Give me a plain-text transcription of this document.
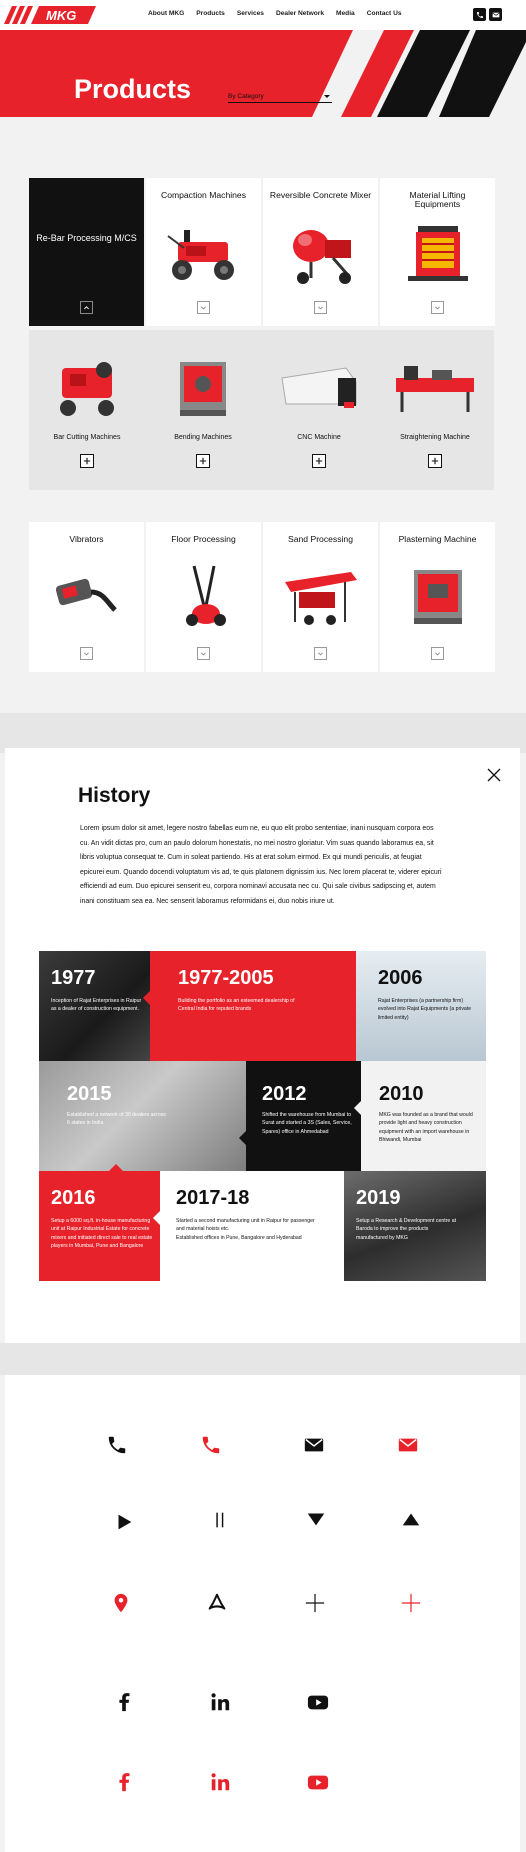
MKG	About MKG Products Services Dealer Network Media Contact Us
Products	By Category
Re-Bar Processing M/CS
Compaction Machines	Reversible Concrete Mixer	Material Lifting Equipments
Bar Cutting Machines	Bending Machines	CNC Machine	Straightening Machine
Vibrators	Floor Processing	Sand Processing	Plasterning Machine
History

Lorem ipsum dolor sit amet, legere nostro fabellas eum ne, eu quo elit probo sententiae, inani nusquam corpora eos cu. An vidit dictas pro, cum an paulo dolorum honestatis, no mei nostro gloriatur. Vim suas quando laboramus ea, sit libris voluptua consequat te. Cum in soleat partiendo. His at erat solum eirmod. Ex qui mundi periculis, at feugiat epicurei eum. Quando docendi voluptatum vis ad, te quis platonem dignissim ius. Nec lorem placerat te, viderer epicuri efficiendi ad eum. Duo epicurei senserit eu, corpora nominavi accusata nec cu. Qui sale civibus sadipscing et, autem inani constituam sea ea. Nec senserit laboramus reformidans ei, duo nobis iriure ut.

1977
Inception of Rajat Enterprises in Raipur as a dealer of construction equipment.
1977-2005
Building the portfolio as an esteemed dealership of Central India for reputed brands
2006
Rajat Enterprises (a partnership firm) evolved into Rajat Equipments (a private limited entity)
2015
Established a network of 30 dealers across 6 states in India
2012
Shifted the warehouse from Mumbai to Surat and started a 3S (Sales, Service, Spares) office in Ahmedabad
2010
MKG was founded as a brand that would provide light and heavy construction equipment with an import warehouse in Bhiwandi, Mumbai
2016
Setup a 6000 sq.ft. in-house manufacturing unit at Raipur Industrial Estate for concrete mixers and initiated direct sale to real estate players in Mumbai, Pune and Bangalore
2017-18
Started a second manufacturing unit in Raipur for passenger and material hoists etc.
Established offices in Pune, Bangalore and Hyderabad
2019
Setup a Research & Development centre at Baroda to improve the products manufactured by MKG
